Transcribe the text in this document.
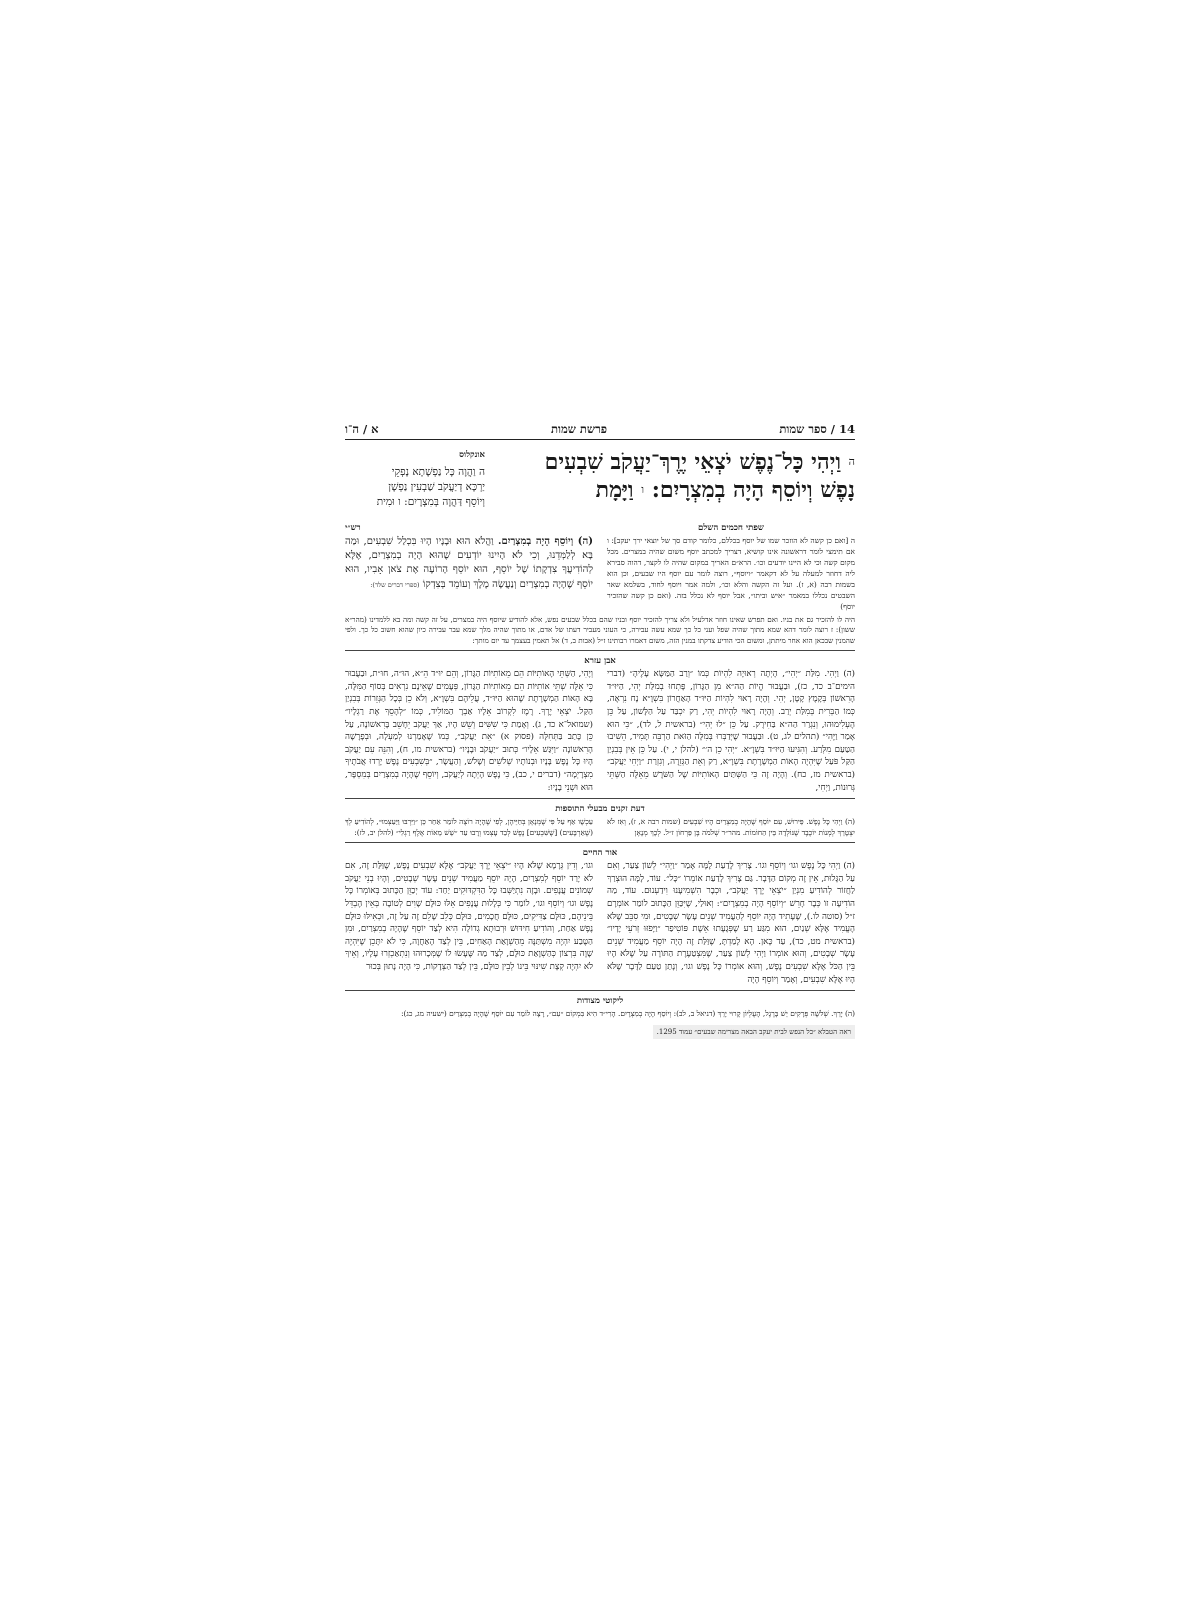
14 / ספר שמות
פרשת שמות
א / ה־ו
$^ה$ וַיְהִי כָּל־נֶפֶשׁ יֹצְאֵי יֶרֶךְ־יַעֲקֹב שִׁבְעִים
נָפֶשׁ וְיוֹסֵף הָיָה בְמִצְרָיִם: $^ו$ וַיָּמָת
אונקלוס
ה וַהֲוָה כָּל נַפְשָׁתָא נָפְקֵי
יַרְכָּא דְיַעֲקֹב שַׁבְעִין נַפְשָׁן
וְיוֹסֵף דַּהֲוָה בְּמִצְרָיִם: ו וּמִית
שפתי חכמים השלם
ה [ואם כן קשה לא הוזכר שמו של יוסף בכללם, כלומר קודם סך של יוצאי ירך יעקב]: ו אם תימצי לומר דראשונה אינו קושיא, דצריך למכתב יוסף משום שהיה במצרים. מכל מקום קשה וכי לא היינו יודעים וכו׳. הרא״ם האריך במקום שהיה לו לקצר, דהוה סבירא ליה דחוזר למעלה על לא דקאמר ״ויוסף״, רוצה לומר עם יוסף היו שבעים, וכן הוא בשמות רבה (א, ז). ועל זה הקשה והלא וכו׳, ולמה אמר ויוסף לחוד, בשלמא שאר השבטים נכללו במאמר ״איש וביתו״, אבל יוסף לא נכלל בזה. (ואם כן קשה שהזכיר יוסף)
רש״י
(ה) וְיוֹסֵף הָיָה בְמִצְרַיִם. וַהֲלֹא הוּא וּבָנָיו הָיוּ בִּכְלַל שִׁבְעִים, וּמַה בָּא לְלַמְּדֵנוּ, וְכִי לֹא הָיִינוּ יוֹדְעִים שֶׁהוּא הָיָה בְמִצְרַיִם, אֶלָּא לְהוֹדִיעֲךָ צִדְקָתוֹ שֶׁל יוֹסֵף, הוּא יוֹסֵף הָרוֹעֶה אֶת צֹאן אָבִיו, הוּא יוֹסֵף שֶׁהָיָה בְמִצְרַיִם וְנַעֲשָׂה מֶלֶךְ וְעוֹמֵד בְּצִדְקוֹ (ספרי דברים שלד):
היה לו להזכיר גם את בניו. ואם תפרש שאינו חוזר אדלעיל ולא צריך להזכיר יוסף ובניו שהם בכלל שבעים נפש, אלא להודיע שיוסף היה במצרים, על זה קשה ומה בא ללמדינו (מהר״א ששון): ז רוצה לומר דהא שמא מתוך שהיה שפל ועני כל כך שמא עשה עבירה, כי העוני מעביר דעתו של אדם, או מתוך שהיה מלך שמא עבר עבירה כיון שהוא חשוב כל כך. ולפי שהמנין שבכאן הוא אחר מיתתן, ומשום הכי הודיע צדקתו במנין הזה, משום דאמרו רבותינו ז״ל (אבות ב, ד) אל תאמין בעצמך עד יום מותך:
אבן עזרא
(ה) וַיְהִי. מִלַּת ״יְהִי״, הָיְתָה רְאוּיָה לִהְיוֹת כְּמוֹ ״וְרַב הַמַּשָּׂא עָלֶיהָ״ (דברי הימים־ב כד, כז), וּבַעֲבוּר הֱיוֹת הַה״א מִן הַגָּרוֹן, פָּתְחוּ בְמִלַּת יְהִי, הַיּוּ״ד הָרִאשׁוֹן בְּקָמֶץ קָטָן, יְהִי. וְהָיָה רָאוּי לִהְיוֹת הַיּוּ״ד הָאַחֲרוֹן בִּשְׁוָ״א נָח נִרְאֶה, כְּמוֹ הַבְּרִית בְּמִלַּת יְרַב. וְהָיָה רָאוּי לִהְיוֹת יְהִי, רַק יִכְבַּד עַל הַלָּשׁוֹן, עַל כֵּן הֶעְלִימוּהוּ, וְנִגְרַר הַה״א בַּחִירֶק. עַל כֵּן ״לוּ יְהִי״ (בראשית ל, לד), ״כִּי הוּא אָמַר וַיֶּהִי״ (תהלים לג, ט). וּבַעֲבוּר שֶׁיְּדַבְּרוּ בְּמִלָּה הַזֹּאת הַרְבֵּה תָּמִיד, הֵשִׁיבוּ הַטַּעַם מִלְּרַע. וְהִגִּיעוּ הַיּוּ״ד בִּשְׁוָ״א. ״יְהִי כֵן ה׳״ (להלן י, י). עַל כֵּן אֵין בְּבִנְיַן הַקַּל פֹּעַל שֶׁיִּהְיֶה הָאוֹת הַמְשָׁרֶתֶת בִּשְׁוָ״א, רַק וְאֵת הַגְּזֵרָה, וְגִזְרַת ״וַיְחִי יַעֲקֹב״ (בראשית מז, כח). וְהָיָה זֶה כִּי הַשְּׁתַּיִם הָאוֹתִיּוֹת שֶׁל הַשֹּׁרֶשׁ מֵאֵלֶּה הַשְּׁתֵּי גְּרוּנוֹת, וַיְחִי,
וְיֶהִי, הַשְּׁתֵּי הָאוֹתִיּוֹת הֵם מֵאוֹתִיּוֹת הַגָּרוֹן, וְהֵם יוּ״ד הֵ״א, הוּ״ה, חוּ״ת, וּבַעֲבוּר כִּי אֵלֶּה שְׁתֵּי אוֹתִיּוֹת הֵם מֵאוֹתִיּוֹת הַגָּרוֹן, פְּעָמִים שֶׁאֵינָם נִרְאִים בְּסוֹף הַמִּלָּה, בָּא הָאוֹת הַמְשָׁרֶתֶת שֶׁהוּא הַיּוּ״ד, עֲלֵיהֶם בִּשְׁוָ״א, וְלֹא כֵן בְּכָל הַגְּזֵרוֹת בְּבִנְיַן הַקַּל. יֹצְאֵי יֶרֶךְ. רֶמֶז לִקְרוֹב אֵלָיו אַבְרָ הַמּוֹלִיד, כְּמוֹ ״לְהָסֵךְ אֶת רַגְלָיו״ (שמואל־א כד, ג). וְאָמַת כִּי שִׁשִּׁים וְשֵׁשׁ הָיוּ, אַךְ יַעֲקֹב יֵחָשֵׁב בָּרִאשׁוֹנָה, עַל כֵּן כָּתַב בַּתְּחִלָּה (פסוק א) ״אֵת יַעֲקֹב״, כְּמוֹ שֶׁאָמַרְנוּ לְמַעְלָה, וּבְפָרָשָׁה הָרִאשׁוֹנָה ״וַיִּגַּשׁ אֵלָיו״ כְּתוּב ״יַעֲקֹב וּבָנָיו״ (בראשית מו, ח), וְהִנֵּה עִם יַעֲקֹב הָיוּ כָּל נֶפֶשׁ בָּנָיו וּבְנוֹתָיו שְׁלֹשִׁים וְשָׁלֹשׁ, וְהַעֲשָׂר, ״בְּשִׁבְעִים נֶפֶשׁ יָרְדוּ אֲבֹתֶיךָ מִצְרָיְמָה״ (דברים י, כב), כִּי נֶפֶשׁ הָיְתָה לְיַעֲקֹב, וְיוֹסֵף שֶׁהָיָה בְמִצְרַיִם בְּמִסְפָּר, הוּא וּשְׁנֵי בָנָיו:
דעת זקנים מבעלי התוספות
(ה) וַיְהִי כָּל נֶפֶשׁ. פֵּירוּשׁ, עִם יוֹסֵף שֶׁהָיָה בְמִצְרַיִם הָיוּ שִׁבְעִים (שמות רבה א, ז), וְאִז לֹא יִצְטָרֵךְ לְמְנוֹת יוֹכֶבֶד שֶׁנּוֹלְדָה בֵּין הַחוֹמוֹת. מהר״ר שְׁלֹמֹה בֶּן פַּרְחוֹן ז״ל. לְכָךְ מְנָאָן
עַכְשָׁו אַף עַל פִּי שֶׁמְּנָאָן בְּחַיֵּיהֶן, לְפִי שֶׁהָיָה רוֹצֶה לוֹמַר אַחַר כֵּן ״וַיִּרְבּוּ וַיַּעַצְמוּ״, לְהוֹדִיעַ לְךָ (שֶׁאַרְבָּעִים) [שֶׁשִּׁבְעִים] נֶפֶשׁ לְבַד עָצְמוּ וְרָבוּ עַד ״שֵׁשׁ מֵאוֹת אֶלֶף רַגְלִי״ (להלן יב, לז):
אור החיים
(ה) וַיְהִי כָּל נֶפֶשׁ וגו׳ וְיוֹסֵף וגו׳. צָרִיךְ לָדַעַת לָמָּה אָמַר ״וַיְהִי״ לְשׁוֹן צַעַר, וְאִם עַל הַגָּלוּת, אֵין זֶה מְקוֹם הַדָּבָר. גַּם צָרִיךְ לָדַעַת אוֹמְרוֹ ״כָּל״. עוֹד, לָמָּה הוּצְרַךְ לַחֲזוֹר לְהוֹדִיעַ מִנְיַן ״יֹצְאֵי יֶרֶךְ יַעֲקֹב״, וּכְבָר הִשְׁמִיעָנוּ וִידַעְנוּם. עוֹד, מַה הוֹדִיעָה זוֹ כְּבָר חָרֵשׁ ״וְיוֹסֵף הָיָה בְמִצְרָיִם״: וְאוּלַי, שֶׁיִּכַּוֵּן הַכָּתוּב לוֹמַר אוֹמְרָם ז״ל (סוטה לו.), שֶׁעָתִיד הָיָה יוֹסֵף לְהַעֲמִיד שְׁנֵים עָשָׂר שְׁבָטִים, וּמִי סִבֵּב שֶׁלֹּא הֶעֱמִיד אֶלָּא שְׁנַיִם, הוּא מִגַּע רַע שֶׁפְּגָעָתוּ אֵשֶׁת פּוֹטִיפַר ״וַיָּפֹזּוּ זְרֹעֵי יָדָיו״ (בראשית מט, כד), עַד כָּאן. הָא לָמַדְתָּ, שֶׁוַּלַּת זֶה הָיָה יוֹסֵף מַעֲמִיד שְׁנֵים עָשָׂר שְׁבָטִים, וְהוּא אוֹמְרוֹ וַיְהִי לְשׁוֹן צַעַר, שֶׁמִּצְטַעֶרֶת הַתּוֹרָה עַל שֶׁלֹּא הָיוּ בֵּין הַכֹּל אֶלָּא שִׁבְעִים נֶפֶשׁ, וְהוּא אוֹמְרוֹ כָּל נֶפֶשׁ וגו׳, וְנָתַן טַעַם לַדָּבָר שֶׁלֹּא הָיוּ אֶלָּא שִׁבְעִים, וְאָמַר וְיוֹסֵף הָיָה
וגו׳, וְדִין גְּרָמָא שֶׁלֹּא הָיוּ ״יֹצְאֵי יֶרֶךְ יַעֲקֹב״ אֶלָּא שִׁבְעִים נֶפֶשׁ, שֶׁוַּלַּת זֶה, אִם לֹא יָרַד יוֹסֵף לְמִצְרַיִם, הָיָה יוֹסֵף מַעֲמִיד שְׁנֵים עָשָׂר שְׁבָטִים, וְהָיוּ בְנֵי יַעֲקֹב שְׁמוֹנִים עֲנָפִים. וּבָזֶה נִתְיַשְּׁבוּ כָּל הַדִּקְדּוּקִים יַחַד: עוֹד יְכַוֵּן הַכָּתוּב בְּאוֹמְרוֹ כָּל נֶפֶשׁ וגו׳ וְיוֹסֵף וגו׳, לוֹמַר כִּי כְּלָלוּת עֲנָפִים אֵלּוּ כּוּלָּם שָׁוִים לְטוֹבָה בְּאֵין הֶבְדֵּל בֵּינֵיהֶם, כּוּלָּם צַדִּיקִים, כּוּלָּם חֲכָמִים, כּוּלָּם כְּלֵב שָׁלֵם זֶה עַל זֶה, וּכְאִילּוּ כּוּלָּם נֶפֶשׁ אַחַת, וְהוֹדִיעַ חִידּוּשׁ וּרְבוּתָא גְדוֹלָה הִיא לְצַד יוֹסֵף שֶׁהָיָה בְמִצְרַיִם, וּמִן הַטֶּבַע יִהְיֶה מִשְׁתַּנֶּה מֵהַשְׁוָאַת הָאַחִים, בֵּין לְצַד הָאַחֲוָה, כִּי לֹא יִתָּכֵן שֶׁיִּהְיֶה שָׁוֶה בִּרְצוֹן כְּהַשְׁוָאַת כּוּלָּם, לְצַד מַה שֶּׁעָשׂוּ לוֹ שֶׁמְּכָרוּהוּ וְנִתְאַכְזְרוּ עָלָיו, וְאֵיךְ לֹא יִהְיֶה קְצָת שִׁינּוּי בֵּינוֹ לְבֵין כּוּלָּם, בֵּין לְצַד הַצְּדָקוֹת, כִּי הָיָה נָתוּן בְּכוּר
ליקוטי מצודות
(ה) יָרֵךְ. שְׁלֹשָׁה פְּרָקִים יֵשׁ בָּרֶגֶל, הָעֶלְיוֹן קָרוּי יָרֵךְ (דניאל ב, לב): וְיוֹסֵף הָיָה בְמִצְרָיִם. הָרִי״ד הִיא בִּמְקוֹם ״עִם״, רָצָה לוֹמַר עִם יוֹסֵף שֶׁהָיָה בְמִצְרַיִם (ישעיה מג, כג):
ראה הטבלא ״כל הנפש לבית יעקב הבאה מצרימה שבעים״ עמוד 1295.
